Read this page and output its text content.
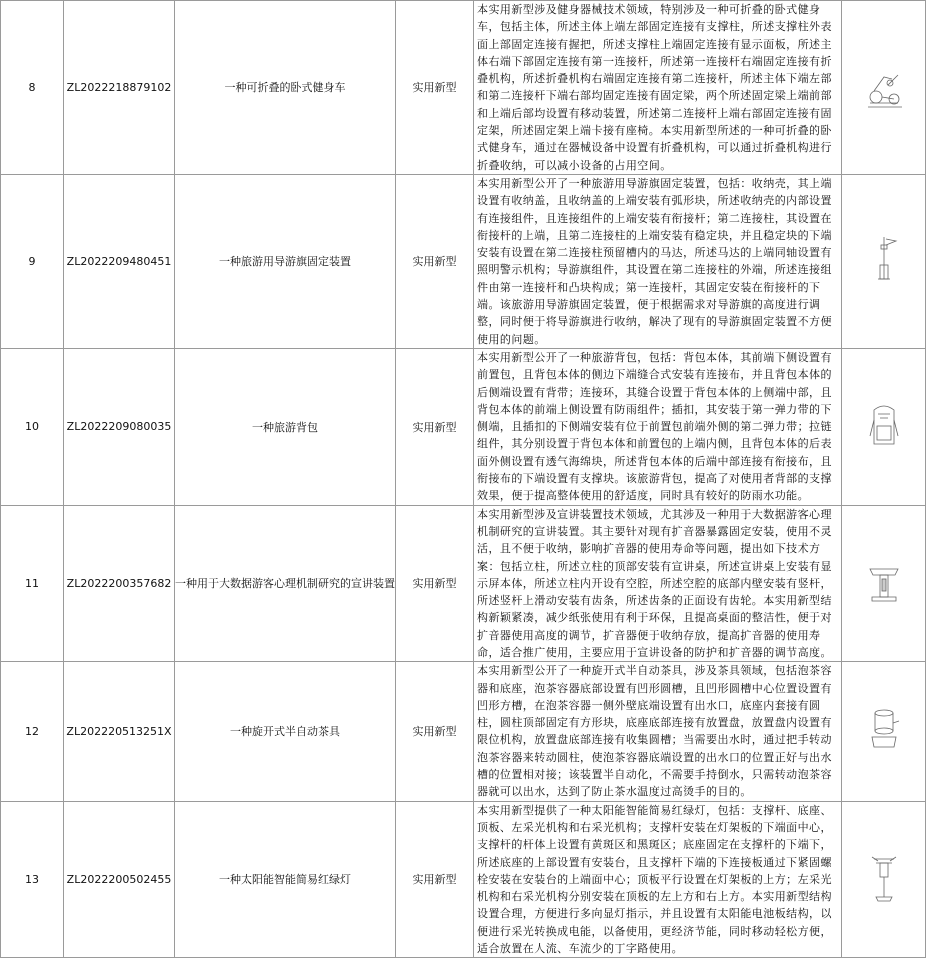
8	ZL2022218879102	一种可折叠的卧式健身车	实用新型	本实用新型涉及健身器械技术领域，特别涉及一种可折叠的卧式健身车，包括主体，所述主体上端左部固定连接有支撑柱，所述支撑柱外表面上部固定连接有握把，所述支撑柱上端固定连接有显示面板，所述主体右端下部固定连接有第一连接杆，所述第一连接杆右端固定连接有折叠机构，所述折叠机构右端固定连接有第二连接杆，所述主体下端左部和第二连接杆下端右部均固定连接有固定梁，两个所述固定梁上端前部和上端后部均设置有移动装置，所述第二连接杆上端右部固定连接有固定架，所述固定架上端卡接有座椅。本实用新型所述的一种可折叠的卧式健身车，通过在器械设备中设置有折叠机构，可以通过折叠机构进行折叠收纳，可以减小设备的占用空间。	
9	ZL2022209480451	一种旅游用导游旗固定装置	实用新型	本实用新型公开了一种旅游用导游旗固定装置，包括：收纳壳，其上端设置有收纳盖，且收纳盖的上端安装有弧形块，所述收纳壳的内部设置有连接组件，且连接组件的上端安装有衔接杆；第二连接柱，其设置在衔接杆的上端，且第二连接柱的上端安装有稳定块，并且稳定块的下端安装有设置在第二连接柱预留槽内的马达，所述马达的上端同轴设置有照明警示机构；导游旗组件，其设置在第二连接柱的外端，所述连接组件由第一连接杆和凸块构成；第一连接杆，其固定安装在衔接杆的下端。该旅游用导游旗固定装置，便于根据需求对导游旗的高度进行调整，同时便于将导游旗进行收纳，解决了现有的导游旗固定装置不方便使用的问题。	
10	ZL2022209080035	一种旅游背包	实用新型	本实用新型公开了一种旅游背包，包括：背包本体，其前端下侧设置有前置包，且背包本体的侧边下端缝合式安装有连接布，并且背包本体的后侧端设置有背带；连接环，其缝合设置于背包本体的上侧端中部，且背包本体的前端上侧设置有防雨组件；插扣，其安装于第一弹力带的下侧端，且插扣的下侧端安装有位于前置包前端外侧的第二弹力带；拉链组件，其分别设置于背包本体和前置包的上端内侧，且背包本体的后表面外侧设置有透气海绵块，所述背包本体的后端中部连接有衔接布，且衔接布的下端设置有支撑块。该旅游背包，提高了对使用者背部的支撑效果，便于提高整体使用的舒适度，同时具有较好的防雨水功能。	
11	ZL2022200357682	一种用于大数据游客心理机制研究的宣讲装置	实用新型	本实用新型涉及宣讲装置技术领域，尤其涉及一种用于大数据游客心理机制研究的宣讲装置。其主要针对现有扩音器暴露固定安装，使用不灵活，且不便于收纳，影响扩音器的使用寿命等问题，提出如下技术方案：包括立柱，所述立柱的顶部安装有宣讲桌，所述宣讲桌上安装有显示屏本体，所述立柱内开设有空腔，所述空腔的底部内壁安装有竖杆，所述竖杆上滑动安装有齿条，所述齿条的正面设有齿轮。本实用新型结构新颖紧凑，减少纸张使用有利于环保，且提高桌面的整洁性，便于对扩音器使用高度的调节，扩音器便于收纳存放，提高扩音器的使用寿命，适合推广使用，主要应用于宣讲设备的防护和扩音器的调节高度。	
12	ZL202220513251X	一种旋开式半自动茶具	实用新型	本实用新型公开了一种旋开式半自动茶具，涉及茶具领域，包括泡茶容器和底座，泡茶容器底部设置有凹形圆槽，且凹形圆槽中心位置设置有凹形方槽，在泡茶容器一侧外壁底端设置有出水口，底座内套接有圆柱，圆柱顶部固定有方形块，底座底部连接有放置盘，放置盘内设置有限位机构，放置盘底部连接有收集圆槽；当需要出水时，通过把手转动泡茶容器来转动圆柱，使泡茶容器底端设置的出水口的位置正好与出水槽的位置相对接；该装置半自动化，不需要手持倒水，只需转动泡茶容器就可以出水，达到了防止茶水温度过高烫手的目的。	
13	ZL2022200502455	一种太阳能智能简易红绿灯	实用新型	本实用新型提供了一种太阳能智能简易红绿灯，包括：支撑杆、底座、顶板、左采光机构和右采光机构；支撑杆安装在灯架板的下端面中心，支撑杆的杆体上设置有黄斑区和黑斑区；底座固定在支撑杆的下端下，所述底座的上部设置有安装台，且支撑杆下端的下连接板通过下紧固螺栓安装在安装台的上端面中心；顶板平行设置在灯架板的上方；左采光机构和右采光机构分别安装在顶板的左上方和右上方。本实用新型结构设置合理，方便进行多向显灯指示，并且设置有太阳能电池板结构，以便进行采光转换成电能，以备使用，更经济节能，同时移动轻松方便，适合放置在人流、车流少的丁字路使用。	
